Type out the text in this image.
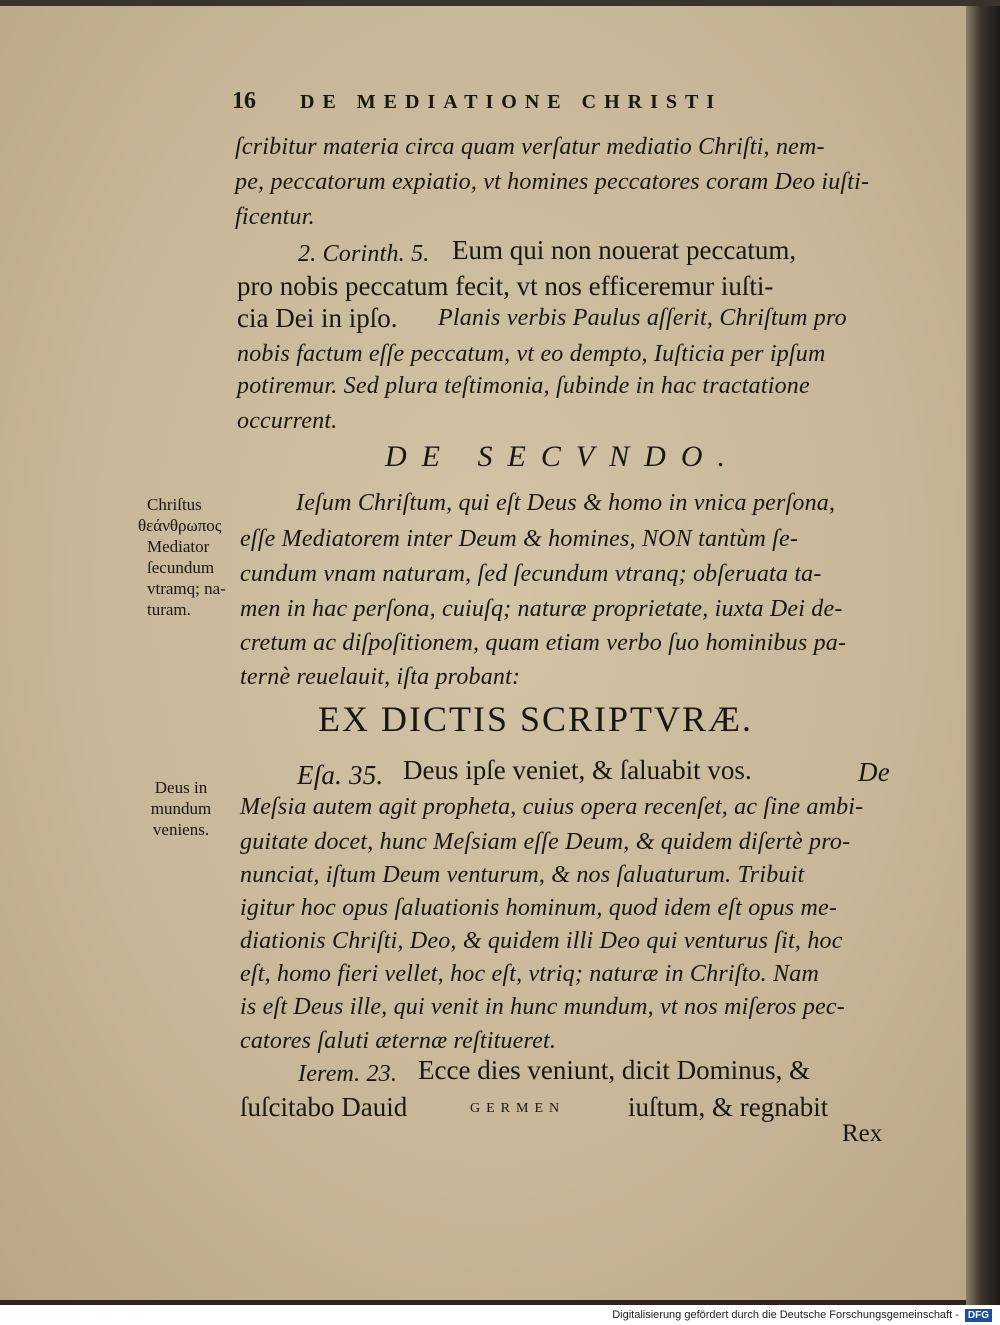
16 DE MEDIATIONE CHRISTI
ſcribitur materia circa quam verſatur mediatio Chriſti, nem-
pe, peccatorum expiatio, vt homines peccatores coram Deo iuſti-
ficentur.
2. Corinth. 5. Eum qui non nouerat peccatum,
pro nobis peccatum fecit, vt nos efficeremur iuſti-
cia Dei in ipſo. Planis verbis Paulus aſſerit, Chriſtum pro
nobis factum eſſe peccatum, vt eo dempto, Iuſticia per ipſum
potiremur. Sed plura teſtimonia, ſubinde in hac tractatione
occurrent.
DE SECVNDO.
Ieſum Chriſtum, qui eſt Deus & homo in vnica perſona,
eſſe Mediatorem inter Deum & homines, NON tantùm ſe-
cundum vnam naturam, ſed ſecundum vtranq; obſeruata ta-
men in hac perſona, cuiuſq; naturæ proprietate, iuxta Dei de-
cretum ac diſpoſitionem, quam etiam verbo ſuo hominibus pa-
ternè reuelauit, iſta probant:
EX DICTIS SCRIPTVRÆ.
Eſa. 35. Deus ipſe veniet, & ſaluabit vos.	De
Meſsia autem agit propheta, cuius opera recenſet, ac ſine ambi-
guitate docet, hunc Meſsiam eſſe Deum, & quidem diſertè pro-
nunciat, iſtum Deum venturum, & nos ſaluaturum. Tribuit
igitur hoc opus ſaluationis hominum, quod idem eſt opus me-
diationis Chriſti, Deo, & quidem illi Deo qui venturus ſit, hoc
eſt, homo fieri vellet, hoc eſt, vtriq; naturæ in Chriſto. Nam
is eſt Deus ille, qui venit in hunc mundum, vt nos miſeros pec-
catores ſaluti æternæ reſtitueret.
Ierem. 23. Ecce dies veniunt, dicit Dominus, &
ſuſcitabo Dauid	GERMEN iuſtum, & regnabit
Rex
Chriſtus
θεάνθρωπος
Mediator
ſecundum
vtramq; na-
turam.
Deus in
mundum
veniens.
Digitalisierung gefördert durch die Deutsche Forschungsgemeinschaft - DFG
